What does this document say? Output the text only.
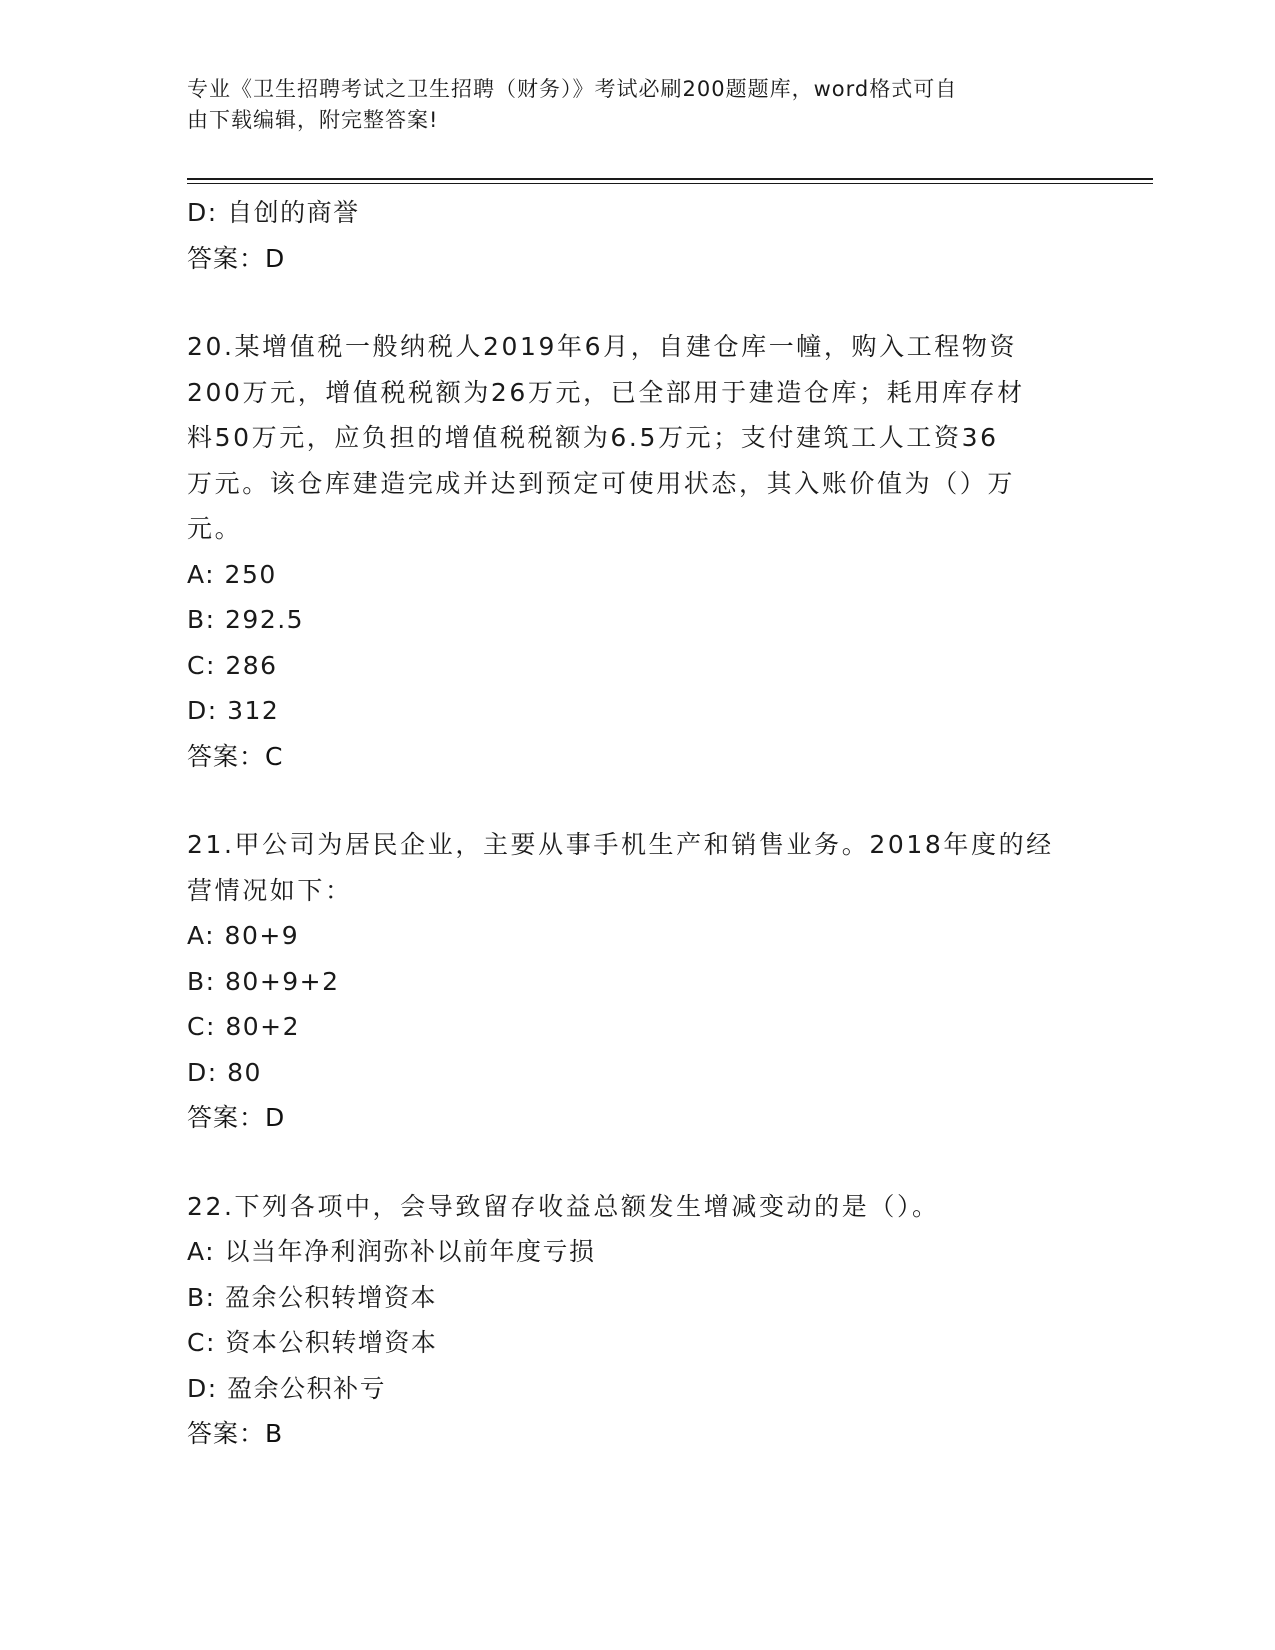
专业《卫生招聘考试之卫生招聘（财务）》考试必刷200题题库，word格式可自
由下载编辑，附完整答案!
D: 自创的商誉
答案：D
20.某增值税一般纳税人2019年6月，自建仓库一幢，购入工程物资
200万元，增值税税额为26万元，已全部用于建造仓库；耗用库存材
料50万元，应负担的增值税税额为6.5万元；支付建筑工人工资36
万元。该仓库建造完成并达到预定可使用状态，其入账价值为（）万
元。
A: 250
B: 292.5
C: 286
D: 312
答案：C
21.甲公司为居民企业，主要从事手机生产和销售业务。2018年度的经
营情况如下：
A: 80+9
B: 80+9+2
C: 80+2
D: 80
答案：D
22.下列各项中，会导致留存收益总额发生增减变动的是（）。
A: 以当年净利润弥补以前年度亏损
B: 盈余公积转增资本
C: 资本公积转增资本
D: 盈余公积补亏
答案：B
